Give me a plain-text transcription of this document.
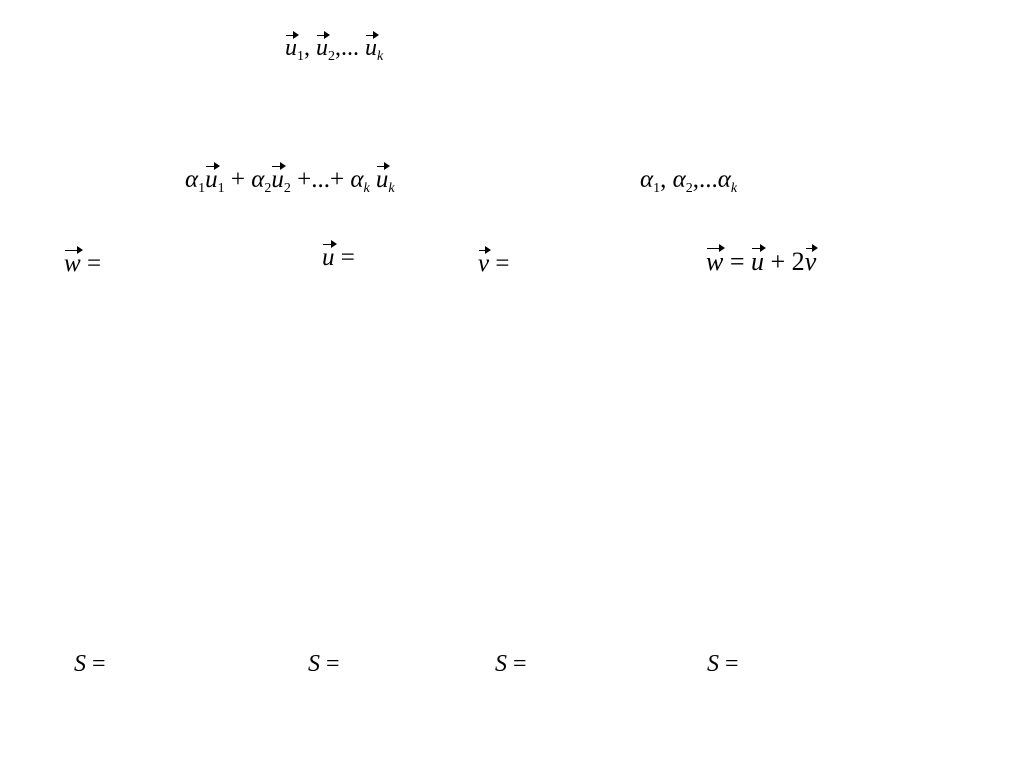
$u_1$, $u_2$,... $u_k$
$\alpha_1u_1 + \alpha_2u_2$ +...+ $\alpha_k$ $u_k$	$\alpha_1$, $\alpha_2,...\alpha_k$
w =	u =	v =	w = u + 2v
S =	S =	S =	S =
